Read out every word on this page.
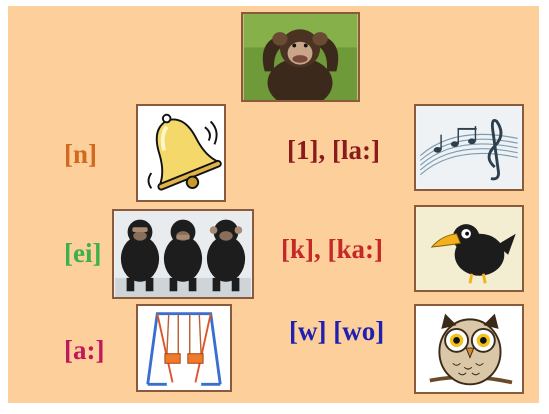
[n]	[1], [la:]
[ei]	[k], [ka:]
[a:]
[w] [wo]
